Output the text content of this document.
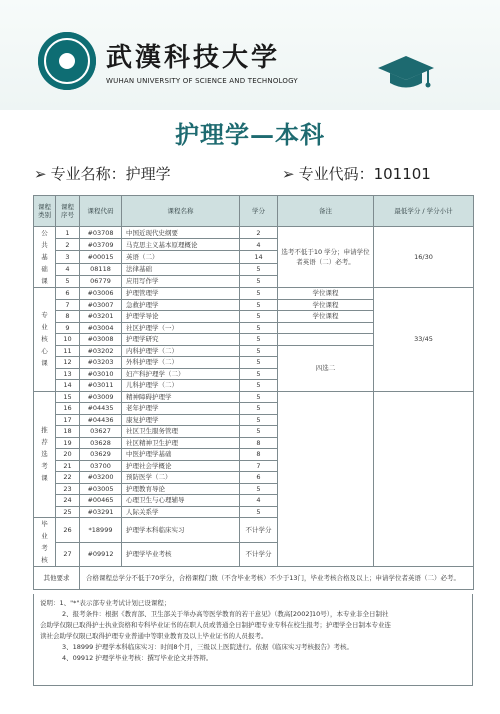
武漢科技大学
WUHAN UNIVERSITY OF SCIENCE AND TECHNOLOGY
护理学—本科
➢ 专业名称：护理学	➢ 专业代码：101101
课程类别	课程序号	课程代码	课程名称	学分	备注	最低学分 / 学分小计
公
共
基
础
课	1	#03708	中国近现代史纲要	2	选考不低于10 学分；申请学位者英语（二）必考。	16/30
	2	#03709	马克思主义基本原理概论	4		
	3	#00015	英语（二）	14		
	4	08118	法律基础	5		
	5	06779	应用写作学	5		
专
业
核
心
课	6	#03006	护理管理学	5	学位课程	33/45
	7	#03007	急救护理学	5	学位课程	
	8	#03201	护理学导论	5	学位课程	
	9	#03004	社区护理学（一）	5		
	10	#03008	护理学研究	5		
	11	#03202	内科护理学（二）	5	四选二	
	12	#03203	外科护理学（二）	5		
	13	#03010	妇产科护理学（二）	5		
	14	#03011	儿科护理学（二）	5		
推
荐
选
考
课	15	#03009	精神障碍护理学	5		
	16	#04435	老年护理学	5		
	17	#04436	康复护理学	5		
	18	03627	社区卫生服务管理	5		
	19	03628	社区精神卫生护理	8		
	20	03629	中医护理学基础	8		
	21	03700	护理社会学概论	7		
	22	#03200	预防医学（二）	6		
	23	#03005	护理教育导论	5		
	24	#00465	心理卫生与心理辅导	4		
	25	#03291	人际关系学	5		
毕
业
考
核	26	*18999	护理学本科临床实习	不计学分		
	27	#09912	护理学毕业考核	不计学分		
其他要求		合格课程总学分不低于70学分，合格课程门数（不含毕业考核）不少于13门，毕业考核合格及以上；申请学位者英语（二）必考。				
说明：1、"*"表示部专业考试计划已设课程；
2、报考条件：根据《教育部、卫生部关于举办高等医学教育的若干意见》（教高[2002]10号），本专业非全日制社
会助学仅限已取得护士执业资格和专科毕业证书的在职人员或普通全日制护理专业专科在校生报考；护理学全日制本专业连
读社会助学仅限已取得护理专业普通中等职业教育及以上毕业证书的人员报考。
3、18999 护理学本科临床实习：时间8个月，三级以上医院进行。依据《临床实习考核报告》考核。
4、09912 护理学毕业考核：撰写毕业论文并答辩。
